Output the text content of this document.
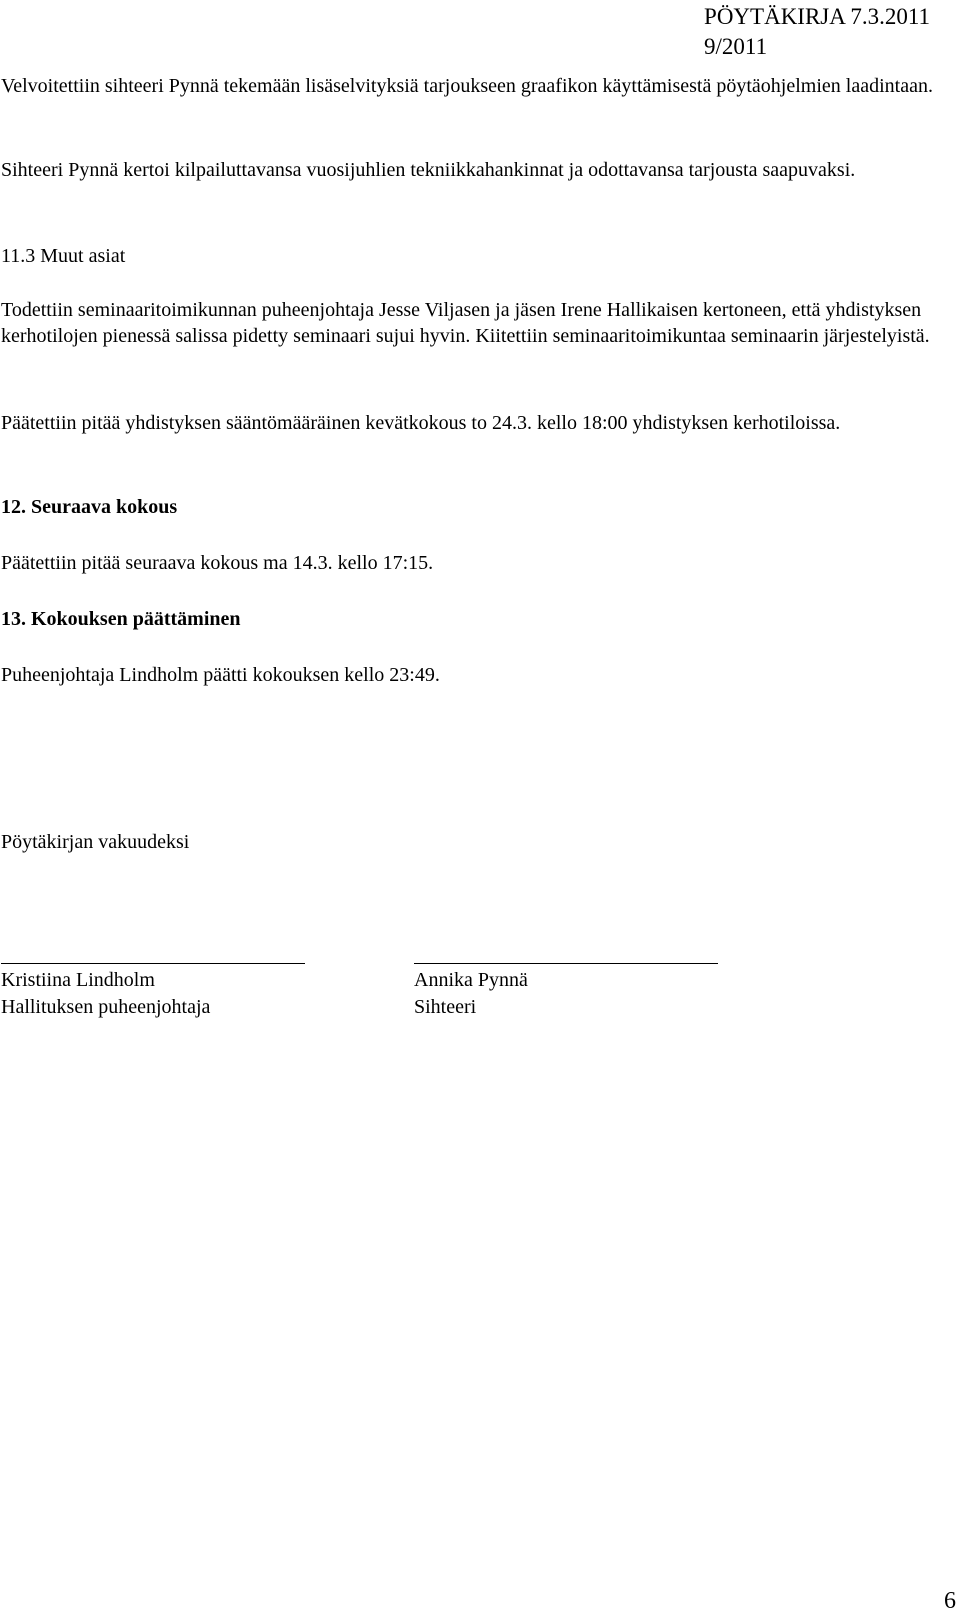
PÖYTÄKIRJA 7.3.2011
9/2011

Velvoitettiin sihteeri Pynnä tekemään lisäselvityksiä tarjoukseen graafikon käyttämisestä pöytäohjelmien laadintaan.

Sihteeri Pynnä kertoi kilpailuttavansa vuosijuhlien tekniikkahankinnat ja odottavansa tarjousta saapuvaksi.

11.3 Muut asiat

Todettiin seminaaritoimikunnan puheenjohtaja Jesse Viljasen ja jäsen Irene Hallikaisen kertoneen, että yhdistyksen kerhotilojen pienessä salissa pidetty seminaari sujui hyvin. Kiitettiin seminaaritoimikuntaa seminaarin järjestelyistä.

Päätettiin pitää yhdistyksen sääntömääräinen kevätkokous to 24.3. kello 18:00 yhdistyksen kerhotiloissa.

12. Seuraava kokous

Päätettiin pitää seuraava kokous ma 14.3. kello 17:15.

13. Kokouksen päättäminen

Puheenjohtaja Lindholm päätti kokouksen kello 23:49.

Pöytäkirjan vakuudeksi

Kristiina Lindholm
Hallituksen puheenjohtaja
Annika Pynnä
Sihteeri
6
